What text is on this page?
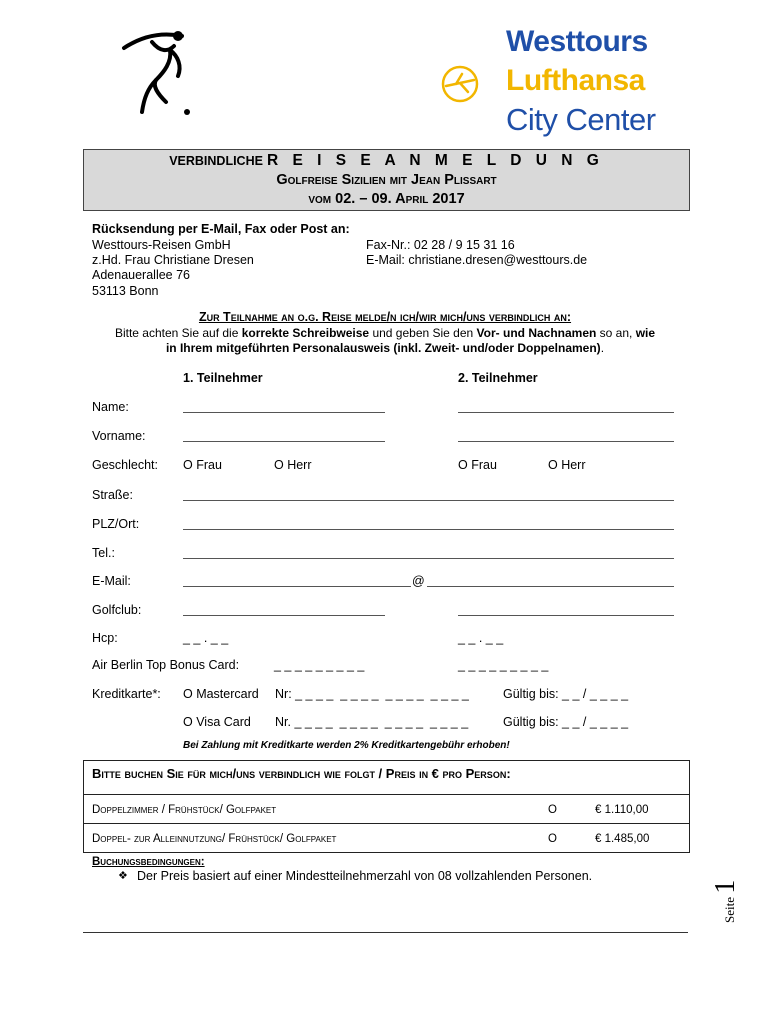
Westtours
Lufthansa
City Center
VERBINDLICHE R E I S E A N M E L D U N G
Golfreise Sizilien mit Jean Plissart
vom 02. – 09. April 2017
Rücksendung per E-Mail, Fax oder Post an:
Westtours-Reisen GmbH
z.Hd. Frau Christiane Dresen
Adenauerallee 76
53113 Bonn
Fax-Nr.: 02 28 / 9 15 31 16
E-Mail: christiane.dresen@westtours.de
Zur Teilnahme an o.g. Reise melde/n ich/wir mich/uns verbindlich an:
Bitte achten Sie auf die korrekte Schreibweise und geben Sie den Vor- und Nachnamen so an, wie
in Ihrem mitgeführten Personalausweis (inkl. Zweit- und/oder Doppelnamen).
1. Teilnehmer	2. Teilnehmer
Name:
Vorname:
Geschlecht: O Frau	O Herr	O Frau	O Herr
Straße:
PLZ/Ort:
Tel.:
E-Mail:	@
Golfclub:
Hcp:	_ _ . _ _	_ _ . _ _
Air Berlin Top Bonus Card:	_ _ _ _ _ _ _ _ _	_ _ _ _ _ _ _ _ _
Kreditkarte*: O Mastercard Nr: _ _ _ _  _ _ _ _  _ _ _ _  _ _ _ _	Gültig bis: _ _ / _ _ _ _
O Visa Card Nr. _ _ _ _  _ _ _ _  _ _ _ _  _ _ _ _	Gültig bis: _ _ / _ _ _ _
Bei Zahlung mit Kreditkarte werden 2% Kreditkartengebühr erhoben!
Bitte buchen Sie für mich/uns verbindlich wie folgt / Preis in € pro Person:
Doppelzimmer / Frühstück/ Golfpaket	O	€ 1.110,00
Doppel- zur Alleinnutzung/ Frühstück/ Golfpaket	O	€ 1.485,00
Buchungsbedingungen:
❖ Der Preis basiert auf einer Mindestteilnehmerzahl von 08 vollzahlenden Personen.
Seite 1
